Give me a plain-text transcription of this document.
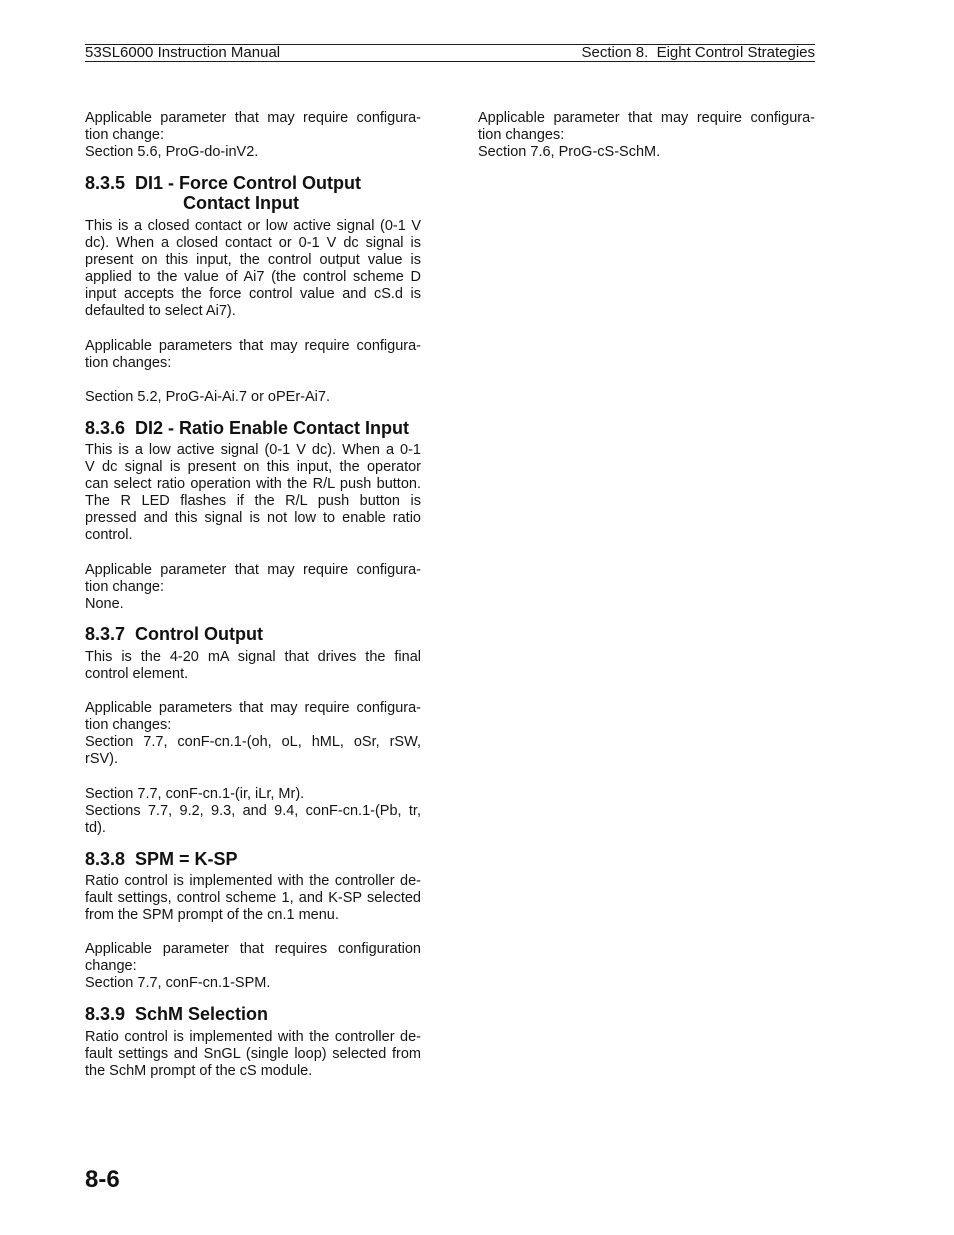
53SL6000 Instruction Manual	Section 8.  Eight Control Strategies
Applicable parameter that may require configura-
tion change:
Section 5.6, ProG-do-inV2.
8.3.5 DI1 - Force Control Output
Contact Input
This is a closed contact or low active signal (0-1 V
dc). When a closed contact or 0-1 V dc signal is
present on this input, the control output value is
applied to the value of Ai7 (the control scheme D
input accepts the force control value and cS.d is
defaulted to select Ai7).
Applicable parameters that may require configura-
tion changes:
Section 5.2, ProG-Ai-Ai.7 or oPEr-Ai7.
8.3.6 DI2 - Ratio Enable Contact Input
This is a low active signal (0-1 V dc). When a 0-1
V dc signal is present on this input, the operator
can select ratio operation with the R/L push button.
The R LED flashes if the R/L push button is
pressed and this signal is not low to enable ratio
control.
Applicable parameter that may require configura-
tion change:
None.
8.3.7 Control Output
This is the 4-20 mA signal that drives the final
control element.
Applicable parameters that may require configura-
tion changes:
Section 7.7, conF-cn.1-(oh, oL, hML, oSr, rSW,
rSV).
Section 7.7, conF-cn.1-(ir, iLr, Mr).
Sections 7.7, 9.2, 9.3, and 9.4, conF-cn.1-(Pb, tr,
td).
8.3.8 SPM = K-SP
Ratio control is implemented with the controller de-
fault settings, control scheme 1, and K-SP selected
from the SPM prompt of the cn.1 menu.
Applicable parameter that requires configuration
change:
Section 7.7, conF-cn.1-SPM.
8.3.9 SchM Selection
Ratio control is implemented with the controller de-
fault settings and SnGL (single loop) selected from
the SchM prompt of the cS module.
Applicable parameter that may require configura-
tion changes:
Section 7.6, ProG-cS-SchM.
8-6
